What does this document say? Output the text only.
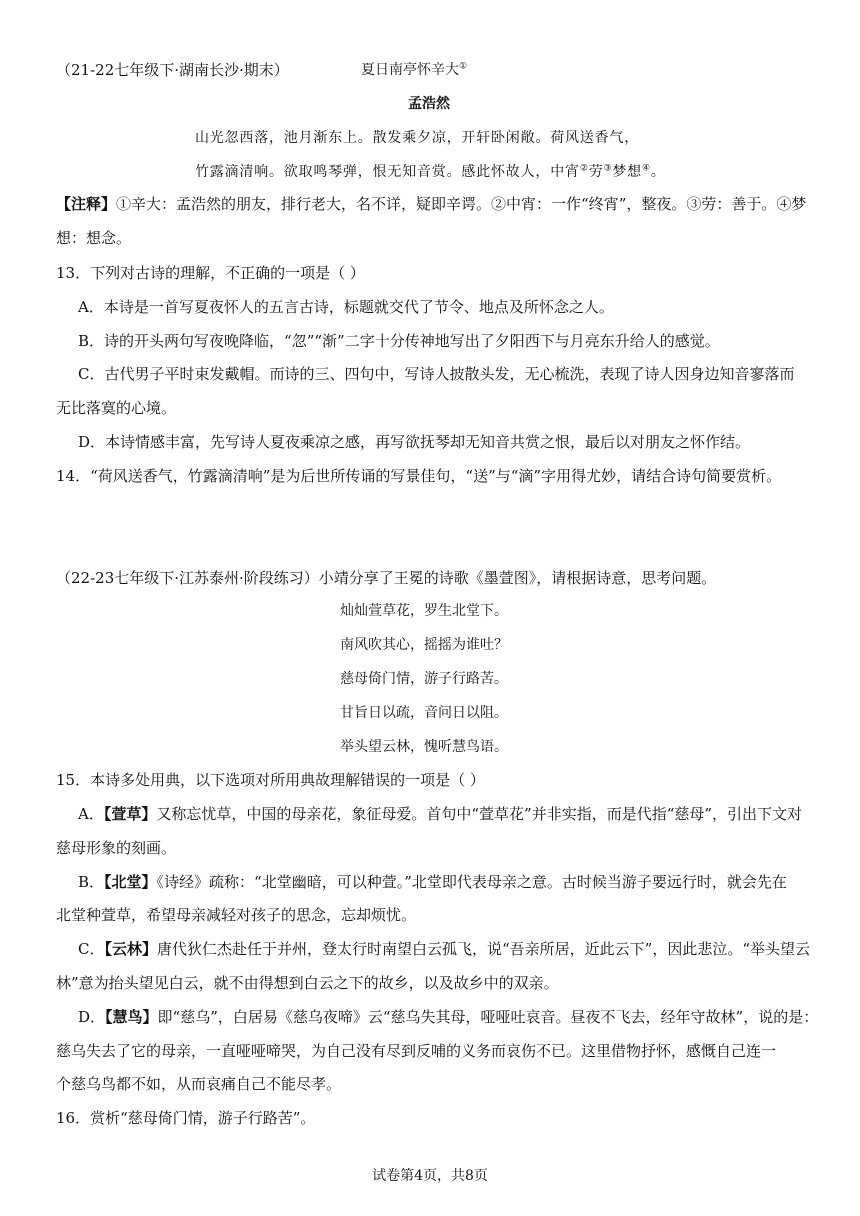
（21-22七年级下·湖南长沙·期末）	夏日南亭怀辛大①
孟浩然
山光忽西落，池月渐东上。散发乘夕凉，开轩卧闲敞。荷风送香气，
竹露滴清响。欲取鸣琴弹，恨无知音赏。感此怀故人，中宵②劳③梦想④。
【注释】①辛大：孟浩然的朋友，排行老大，名不详，疑即辛谔。②中宵：一作“终宵”，整夜。③劳：善于。④梦
想：想念。
13．下列对古诗的理解，不正确的一项是（ ）
A．本诗是一首写夏夜怀人的五言古诗，标题就交代了节令、地点及所怀念之人。
B．诗的开头两句写夜晚降临，“忽”“渐”二字十分传神地写出了夕阳西下与月亮东升给人的感觉。
C．古代男子平时束发戴帽。而诗的三、四句中，写诗人披散头发，无心梳洗，表现了诗人因身边知音寥落而
无比落寞的心境。
D．本诗情感丰富，先写诗人夏夜乘凉之感，再写欲抚琴却无知音共赏之恨，最后以对朋友之怀作结。
14．“荷风送香气，竹露滴清响”是为后世所传诵的写景佳句，“送”与“滴”字用得尤妙，请结合诗句简要赏析。
（22-23七年级下·江苏泰州·阶段练习）小靖分享了王冕的诗歌《墨萱图》，请根据诗意，思考问题。
灿灿萱草花，罗生北堂下。
南风吹其心，摇摇为谁吐？
慈母倚门情，游子行路苦。
甘旨日以疏，音问日以阻。
举头望云林，愧听慧鸟语。
15．本诗多处用典，以下选项对所用典故理解错误的一项是（ ）
A．【萱草】又称忘忧草，中国的母亲花，象征母爱。首句中“萱草花”并非实指，而是代指“慈母”，引出下文对
慈母形象的刻画。
B．【北堂】《诗经》疏称：“北堂幽暗，可以种萱。”北堂即代表母亲之意。古时候当游子要远行时，就会先在
北堂种萱草，希望母亲减轻对孩子的思念，忘却烦忧。
C．【云林】唐代狄仁杰赴任于并州，登太行时南望白云孤飞，说“吾亲所居，近此云下”，因此悲泣。“举头望云
林”意为抬头望见白云，就不由得想到白云之下的故乡，以及故乡中的双亲。
D．【慧鸟】即“慈乌”，白居易《慈乌夜啼》云“慈乌失其母，哑哑吐哀音。昼夜不飞去，经年守故林”，说的是：
慈乌失去了它的母亲，一直哑哑啼哭，为自己没有尽到反哺的义务而哀伤不已。这里借物抒怀，感慨自己连一
个慈乌鸟都不如，从而哀痛自己不能尽孝。
16．赏析“慈母倚门情，游子行路苦”。
试卷第4页，共8页
